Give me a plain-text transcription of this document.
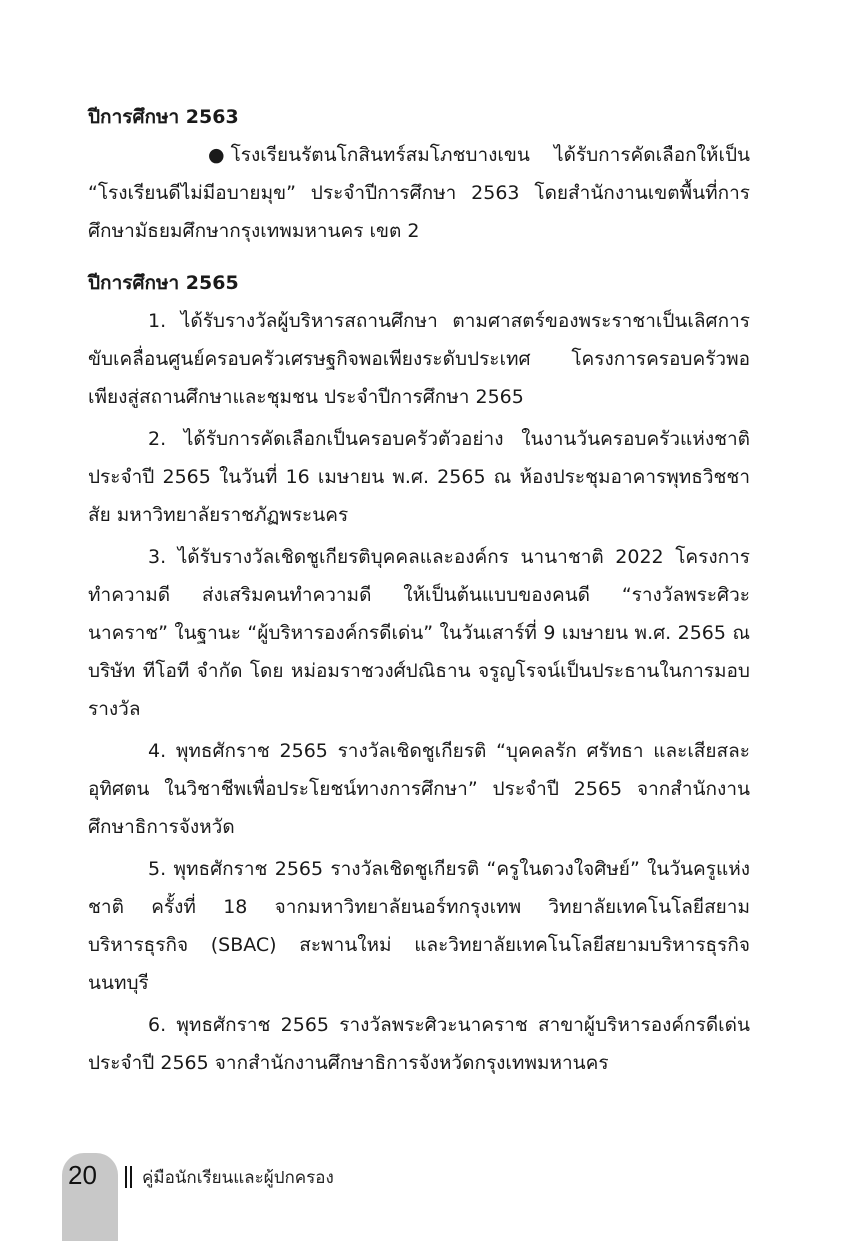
ปีการศึกษา 2563

● โรงเรียนรัตนโกสินทร์สมโภชบางเขน ได้รับการคัดเลือกให้เป็น “โรงเรียนดีไม่มีอบายมุข” ประจำปีการศึกษา 2563 โดยสำนักงานเขตพื้นที่การศึกษามัธยมศึกษากรุงเทพมหานคร เขต 2

ปีการศึกษา 2565

1. ได้รับรางวัลผู้บริหารสถานศึกษา ตามศาสตร์ของพระราชาเป็นเลิศการขับเคลื่อนศูนย์ครอบครัวเศรษฐกิจพอเพียงระดับประเทศ โครงการครอบครัวพอเพียงสู่สถานศึกษาและชุมชน ประจำปีการศึกษา 2565

2. ได้รับการคัดเลือกเป็นครอบครัวตัวอย่าง ในงานวันครอบครัวแห่งชาติประจำปี 2565 ในวันที่ 16 เมษายน พ.ศ. 2565 ณ ห้องประชุมอาคารพุทธวิชชาสัย มหาวิทยาลัยราชภัฏพระนคร

3. ได้รับรางวัลเชิดชูเกียรติบุคคลและองค์กร นานาชาติ 2022 โครงการทำความดี ส่งเสริมคนทำความดี ให้เป็นต้นแบบของคนดี “รางวัลพระศิวะนาคราช” ในฐานะ “ผู้บริหารองค์กรดีเด่น” ในวันเสาร์ที่ 9 เมษายน พ.ศ. 2565 ณ บริษัท ทีโอที จำกัด โดย หม่อมราชวงศ์ปณิธาน จรูญโรจน์เป็นประธานในการมอบรางวัล

4. พุทธศักราช 2565 รางวัลเชิดชูเกียรติ “บุคคลรัก ศรัทธา และเสียสละ อุทิศตน ในวิชาชีพเพื่อประโยชน์ทางการศึกษา” ประจำปี 2565 จากสำนักงานศึกษาธิการจังหวัด

5. พุทธศักราช 2565 รางวัลเชิดชูเกียรติ “ครูในดวงใจศิษย์” ในวันครูแห่งชาติ ครั้งที่ 18 จากมหาวิทยาลัยนอร์ทกรุงเทพ วิทยาลัยเทคโนโลยีสยามบริหารธุรกิจ (SBAC) สะพานใหม่ และวิทยาลัยเทคโนโลยีสยามบริหารธุรกิจ นนทบุรี

6. พุทธศักราช 2565 รางวัลพระศิวะนาคราช สาขาผู้บริหารองค์กรดีเด่นประจำปี 2565 จากสำนักงานศึกษาธิการจังหวัดกรุงเทพมหานคร

20	คู่มือนักเรียนและผู้ปกครอง
